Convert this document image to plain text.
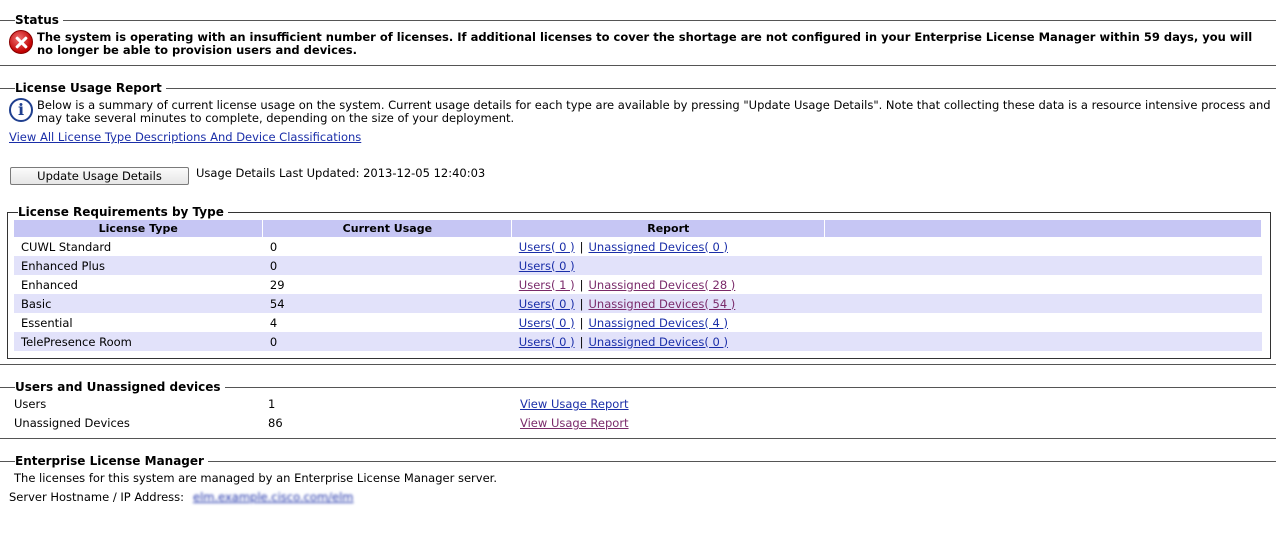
Status
The system is operating with an insufficient number of licenses. If additional licenses to cover the shortage are not configured in your Enterprise License Manager within 59 days, you will
no longer be able to provision users and devices.
License Usage Report
i	Below is a summary of current license usage on the system. Current usage details for each type are available by pressing "Update Usage Details". Note that collecting these data is a resource intensive process and
may take several minutes to complete, depending on the size of your deployment.
View All License Type Descriptions And Device Classifications
Update Usage Details	Usage Details Last Updated: 2013-12-05 12:40:03
License Requirements by Type
License Type	Current Usage	Report	
CUWL Standard	0	Users( 0 ) | Unassigned Devices( 0 )	
Enhanced Plus	0	Users( 0 )	
Enhanced	29	Users( 1 ) | Unassigned Devices( 28 )	
Basic	54	Users( 0 ) | Unassigned Devices( 54 )	
Essential	4	Users( 0 ) | Unassigned Devices( 4 )	
TelePresence Room	0	Users( 0 ) | Unassigned Devices( 0 )	
Users and Unassigned devices
Users	1	View Usage Report
Unassigned Devices	86	View Usage Report
Enterprise License Manager
The licenses for this system are managed by an Enterprise License Manager server.
Server Hostname / IP Address: elm.example.cisco.com/elm
